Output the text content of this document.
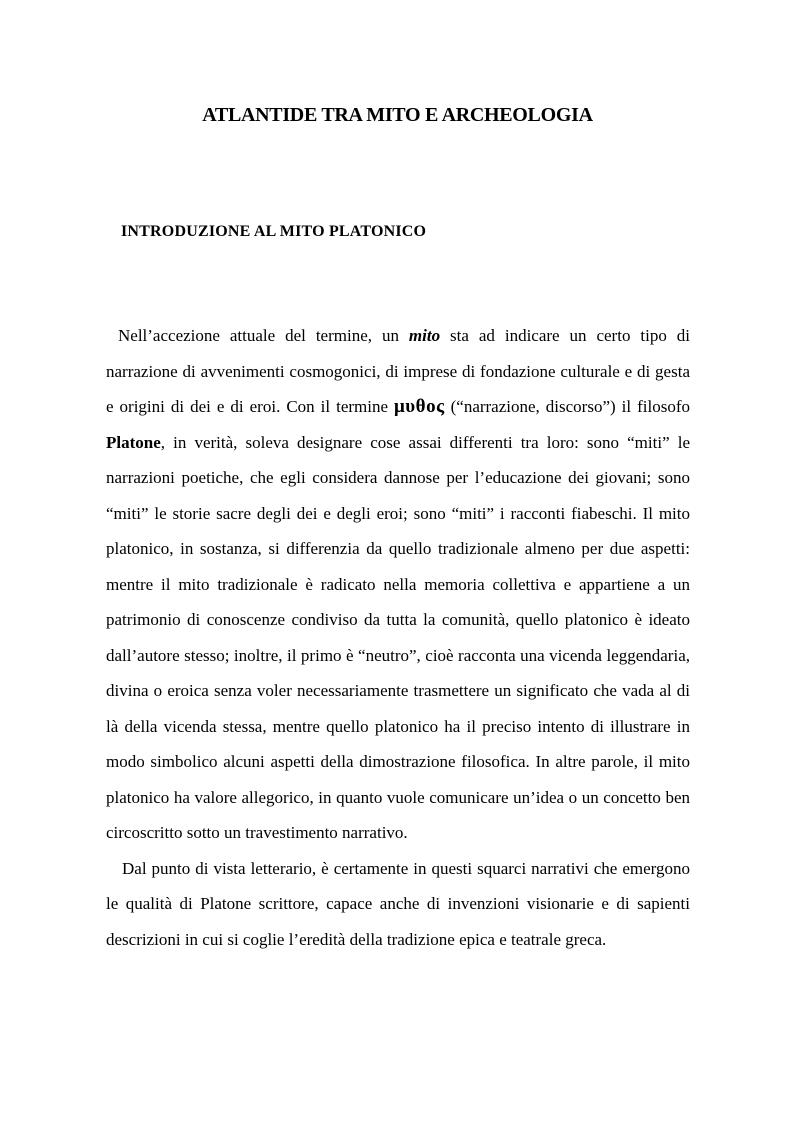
ATLANTIDE TRA MITO E ARCHEOLOGIA
INTRODUZIONE AL MITO PLATONICO

Nell’accezione attuale del termine, un mito sta ad indicare un certo tipo di narrazione di avvenimenti cosmogonici, di imprese di fondazione culturale e di gesta e origini di dei e di eroi. Con il termine μυθος (“narrazione, discorso”) il filosofo Platone, in verità, soleva designare cose assai differenti tra loro: sono “miti” le narrazioni poetiche, che egli considera dannose per l’educazione dei giovani; sono “miti” le storie sacre degli dei e degli eroi; sono “miti” i racconti fiabeschi. Il mito platonico, in sostanza, si differenzia da quello tradizionale almeno per due aspetti: mentre il mito tradizionale è radicato nella memoria collettiva e appartiene a un patrimonio di conoscenze condiviso da tutta la comunità, quello platonico è ideato dall’autore stesso; inoltre, il primo è “neutro”, cioè racconta una vicenda leggendaria, divina o eroica senza voler necessariamente trasmettere un significato che vada al di là della vicenda stessa, mentre quello platonico ha il preciso intento di illustrare in modo simbolico alcuni aspetti della dimostrazione filosofica. In altre parole, il mito platonico ha valore allegorico, in quanto vuole comunicare un’idea o un concetto ben circoscritto sotto un travestimento narrativo.

Dal punto di vista letterario, è certamente in questi squarci narrativi che emergono le qualità di Platone scrittore, capace anche di invenzioni visionarie e di sapienti descrizioni in cui si coglie l’eredità della tradizione epica e teatrale greca.
